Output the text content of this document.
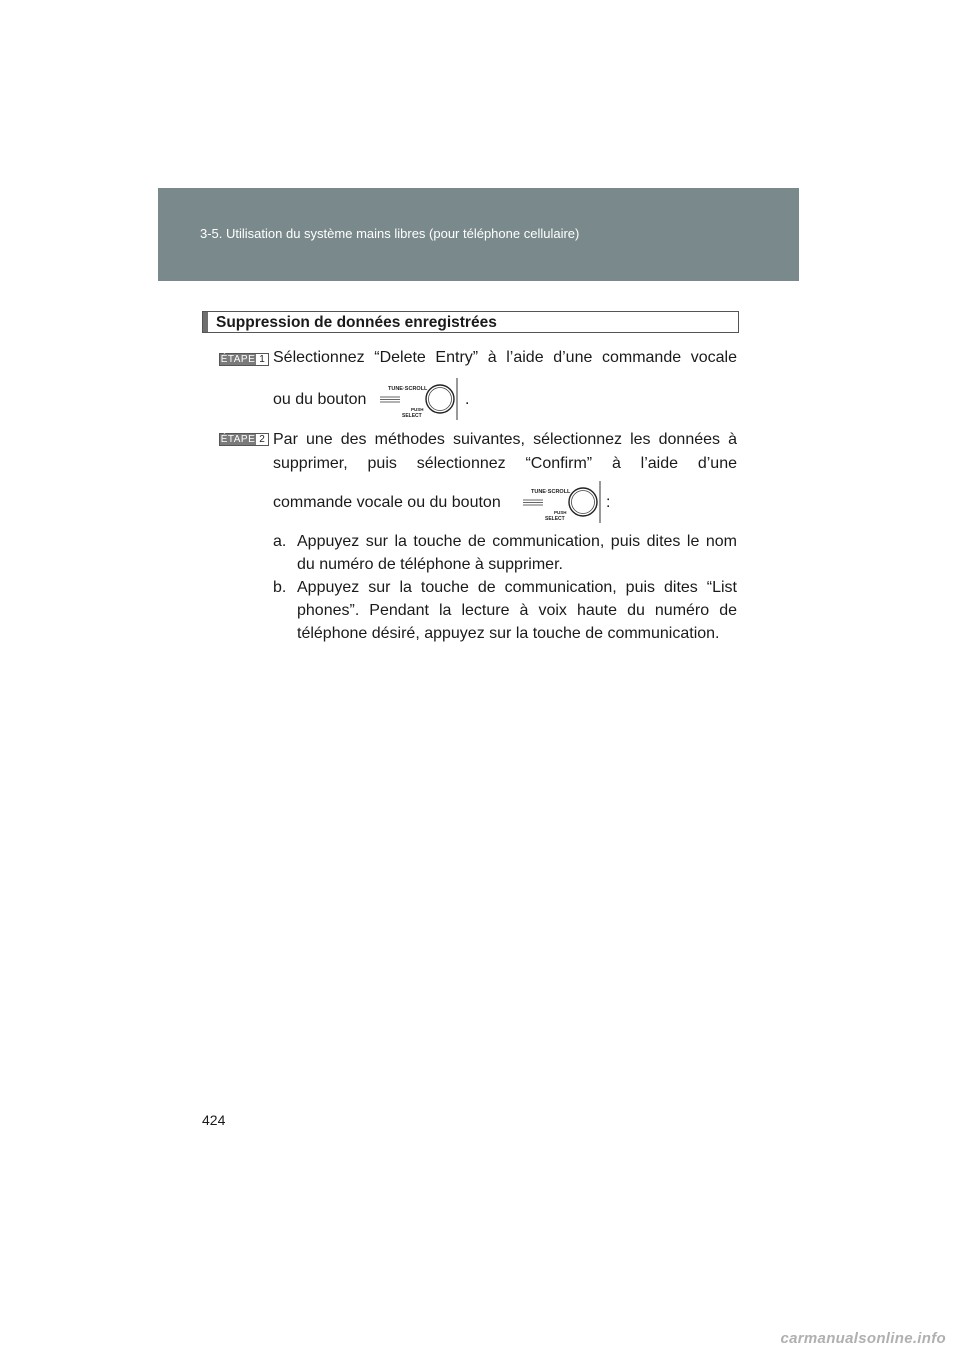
3-5. Utilisation du système mains libres (pour téléphone cellulaire)
Suppression de données enregistrées
ÉTAPE 1 Sélectionnez “Delete Entry” à l’aide d’une commande vocale
ou du bouton
TUNE·SCROLL
PUSH
SELECT
.
ÉTAPE 2 Par une des méthodes suivantes, sélectionnez les données à supprimer, puis sélectionnez “Confirm” à l’aide d’une
commande vocale ou du bouton
TUNE·SCROLL
PUSH
SELECT
:
a. Appuyez sur la touche de communication, puis dites le nom du numéro de téléphone à supprimer.
b. Appuyez sur la touche de communication, puis dites “List phones”. Pendant la lecture à voix haute du numéro de téléphone désiré, appuyez sur la touche de communication.
424
carmanualsonline.info
